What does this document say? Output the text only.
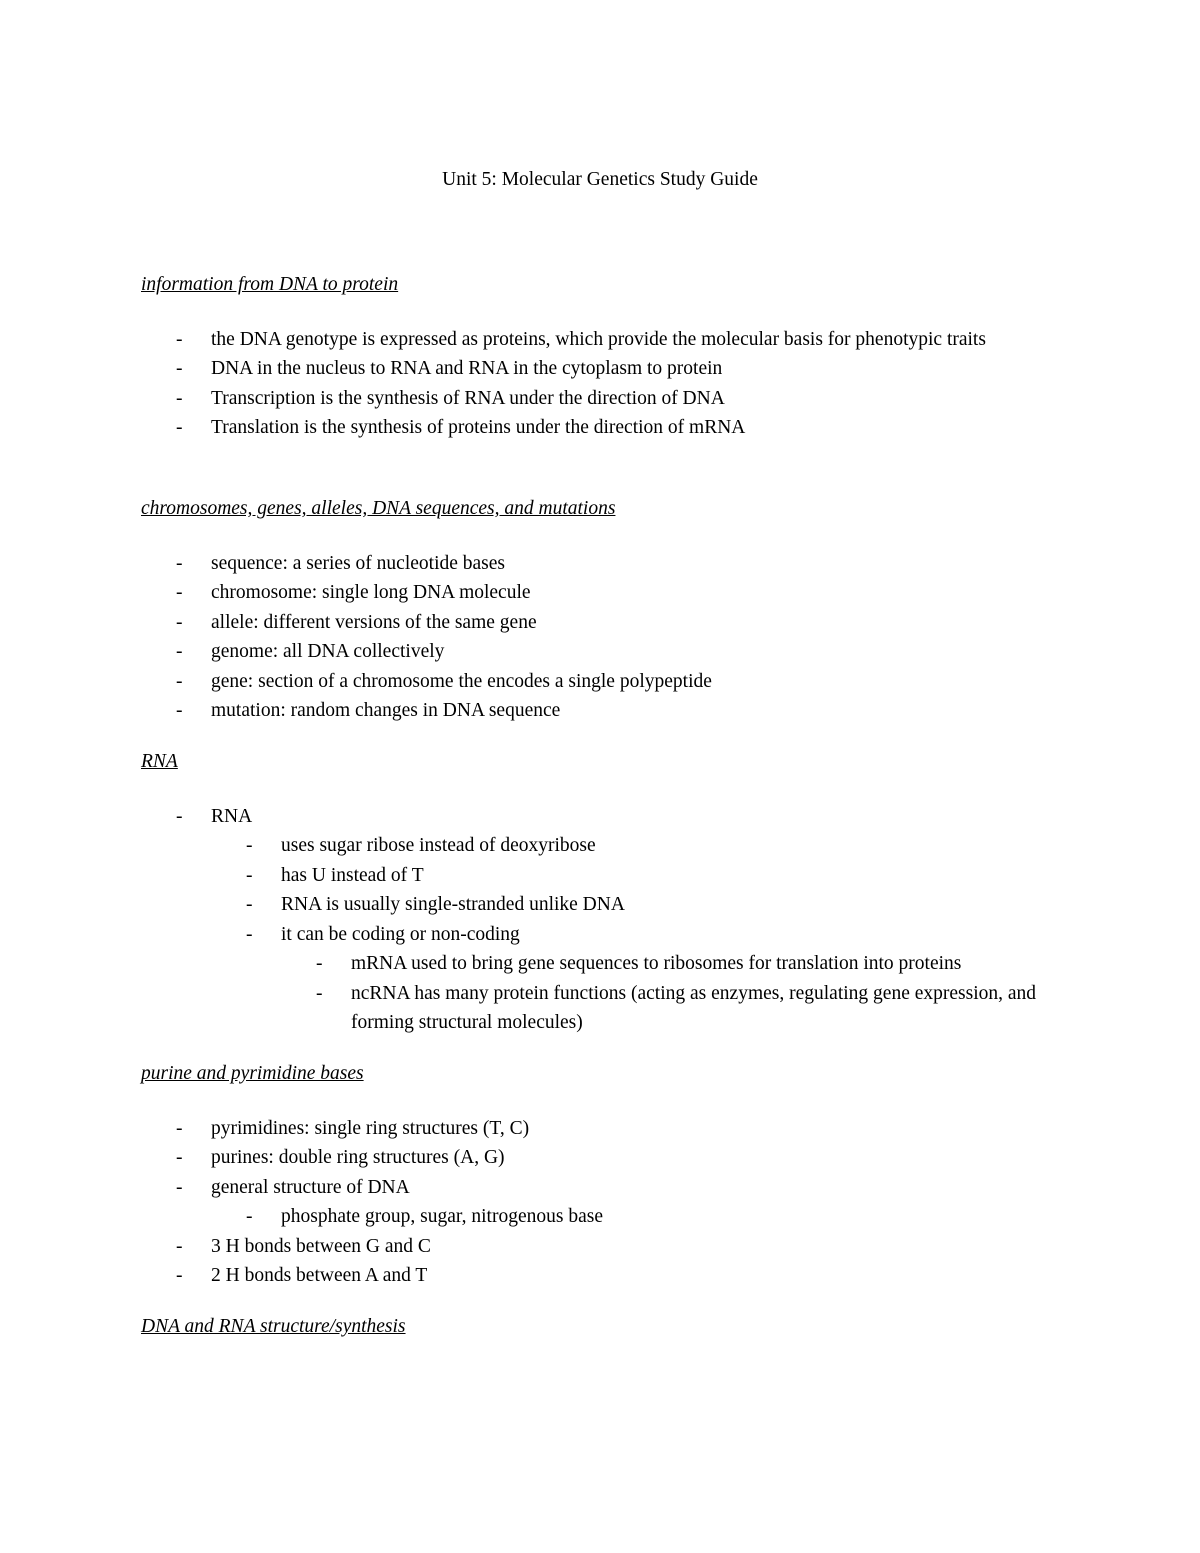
Unit 5: Molecular Genetics Study Guide
information from DNA to protein
- the DNA genotype is expressed as proteins, which provide the molecular basis for phenotypic traits
- DNA in the nucleus to RNA and RNA in the cytoplasm to protein
- Transcription is the synthesis of RNA under the direction of DNA
- Translation is the synthesis of proteins under the direction of mRNA
chromosomes, genes, alleles, DNA sequences, and mutations
- sequence: a series of nucleotide bases
- chromosome: single long DNA molecule
- allele: different versions of the same gene
- genome: all DNA collectively
- gene: section of a chromosome the encodes a single polypeptide
- mutation: random changes in DNA sequence
RNA
- RNA
- uses sugar ribose instead of deoxyribose
- has U instead of T
- RNA is usually single-stranded unlike DNA
- it can be coding or non-coding
- mRNA used to bring gene sequences to ribosomes for translation into proteins
- ncRNA has many protein functions (acting as enzymes, regulating gene expression, and forming structural molecules)
purine and pyrimidine bases
- pyrimidines: single ring structures (T, C)
- purines: double ring structures (A, G)
- general structure of DNA
- phosphate group, sugar, nitrogenous base
- 3 H bonds between G and C
- 2 H bonds between A and T
DNA and RNA structure/synthesis
